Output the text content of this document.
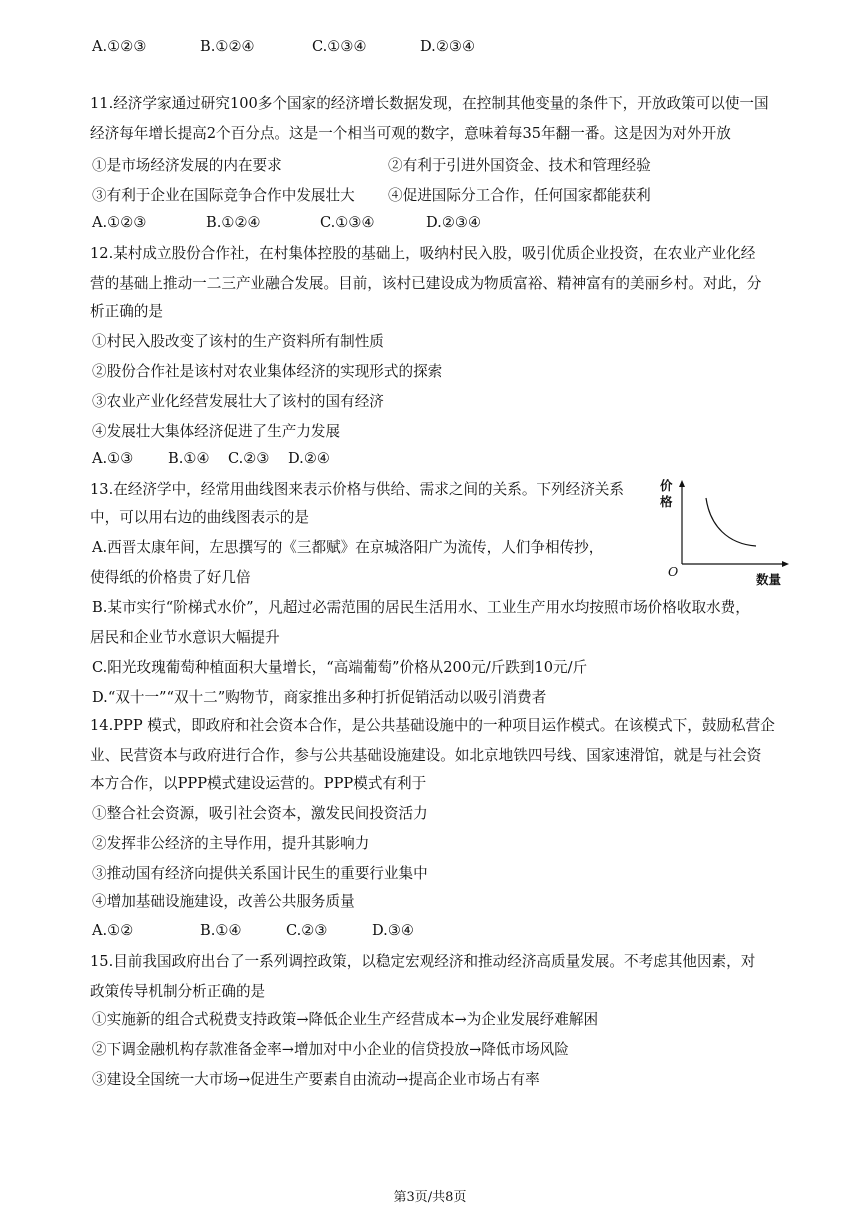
A.①②③	B.①②④	C.①③④	D.②③④
11.经济学家通过研究100多个国家的经济增长数据发现，在控制其他变量的条件下，开放政策可以使一国
经济每年增长提高2个百分点。这是一个相当可观的数字，意味着每35年翻一番。这是因为对外开放
①是市场经济发展的内在要求	②有利于引进外国资金、技术和管理经验
③有利于企业在国际竞争合作中发展壮大 ④促进国际分工合作，任何国家都能获利
A.①②③	B.①②④	C.①③④	D.②③④
12.某村成立股份合作社，在村集体控股的基础上，吸纳村民入股，吸引优质企业投资，在农业产业化经
营的基础上推动一二三产业融合发展。目前，该村已建设成为物质富裕、精神富有的美丽乡村。对此，分
析正确的是
①村民入股改变了该村的生产资料所有制性质
②股份合作社是该村对农业集体经济的实现形式的探索
③农业产业化经营发展壮大了该村的国有经济
④发展壮大集体经济促进了生产力发展
A.①③ B.①④ C.②③ D.②④
13.在经济学中，经常用曲线图来表示价格与供给、需求之间的关系。下列经济关系
中，可以用右边的曲线图表示的是
A.西晋太康年间，左思撰写的《三都赋》在京城洛阳广为流传，人们争相传抄，
使得纸的价格贵了好几倍
B.某市实行“阶梯式水价”，凡超过必需范围的居民生活用水、工业生产用水均按照市场价格收取水费，
居民和企业节水意识大幅提升
C.阳光玫瑰葡萄种植面积大量增长，“高端葡萄”价格从200元/斤跌到10元/斤
D.“双十一”“双十二”购物节，商家推出多种打折促销活动以吸引消费者
价
格
O
数量
14.PPP 模式，即政府和社会资本合作，是公共基础设施中的一种项目运作模式。在该模式下，鼓励私营企
业、民营资本与政府进行合作，参与公共基础设施建设。如北京地铁四号线、国家速滑馆，就是与社会资
本方合作，以PPP模式建设运营的。PPP模式有利于
①整合社会资源，吸引社会资本，激发民间投资活力
②发挥非公经济的主导作用，提升其影响力
③推动国有经济向提供关系国计民生的重要行业集中
④增加基础设施建设，改善公共服务质量
A.①②	B.①④	C.②③	D.③④
15.目前我国政府出台了一系列调控政策，以稳定宏观经济和推动经济高质量发展。不考虑其他因素，对
政策传导机制分析正确的是
①实施新的组合式税费支持政策→降低企业生产经营成本→为企业发展纾难解困
②下调金融机构存款准备金率→增加对中小企业的信贷投放→降低市场风险
③建设全国统一大市场→促进生产要素自由流动→提高企业市场占有率
第3页/共8页
